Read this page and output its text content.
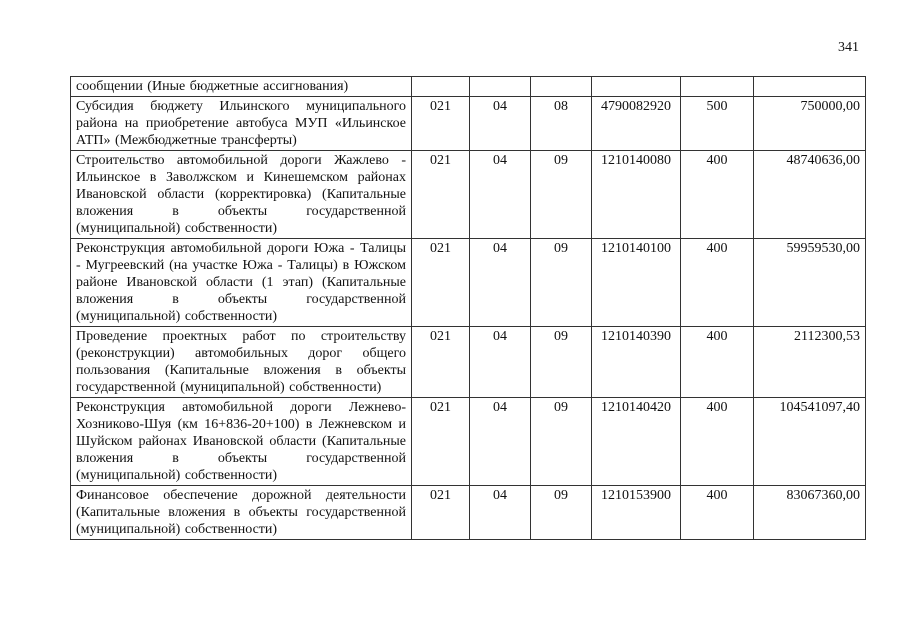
341
сообщении (Иные бюджетные ассигнования)						
Субсидия бюджету Ильинского муниципального района на приобретение автобуса МУП «Ильинское АТП» (Межбюджетные трансферты)	021	04	08	4790082920	500	750000,00
Строительство автомобильной дороги Жажлево - Ильинское в Заволжском и Кинешемском районах Ивановской области (корректировка) (Капитальные вложения в объекты государственной (муниципальной) собственности)	021	04	09	1210140080	400	48740636,00
Реконструкция автомобильной дороги Южа - Талицы - Мугреевский (на участке Южа - Талицы) в Южском районе Ивановской области (1 этап) (Капитальные вложения в объекты государственной (муниципальной) собственности)	021	04	09	1210140100	400	59959530,00
Проведение проектных работ по строительству (реконструкции) автомобильных дорог общего пользования (Капитальные вложения в объекты государственной (муниципальной) собственности)	021	04	09	1210140390	400	2112300,53
Реконструкция автомобильной дороги Лежнево-Хозниково-Шуя (км 16+836-20+100) в Лежневском и Шуйском районах Ивановской области (Капитальные вложения в объекты государственной (муниципальной) собственности)	021	04	09	1210140420	400	104541097,40
Финансовое обеспечение дорожной деятельности (Капитальные вложения в объекты государственной (муниципальной) собственности)	021	04	09	1210153900	400	83067360,00
